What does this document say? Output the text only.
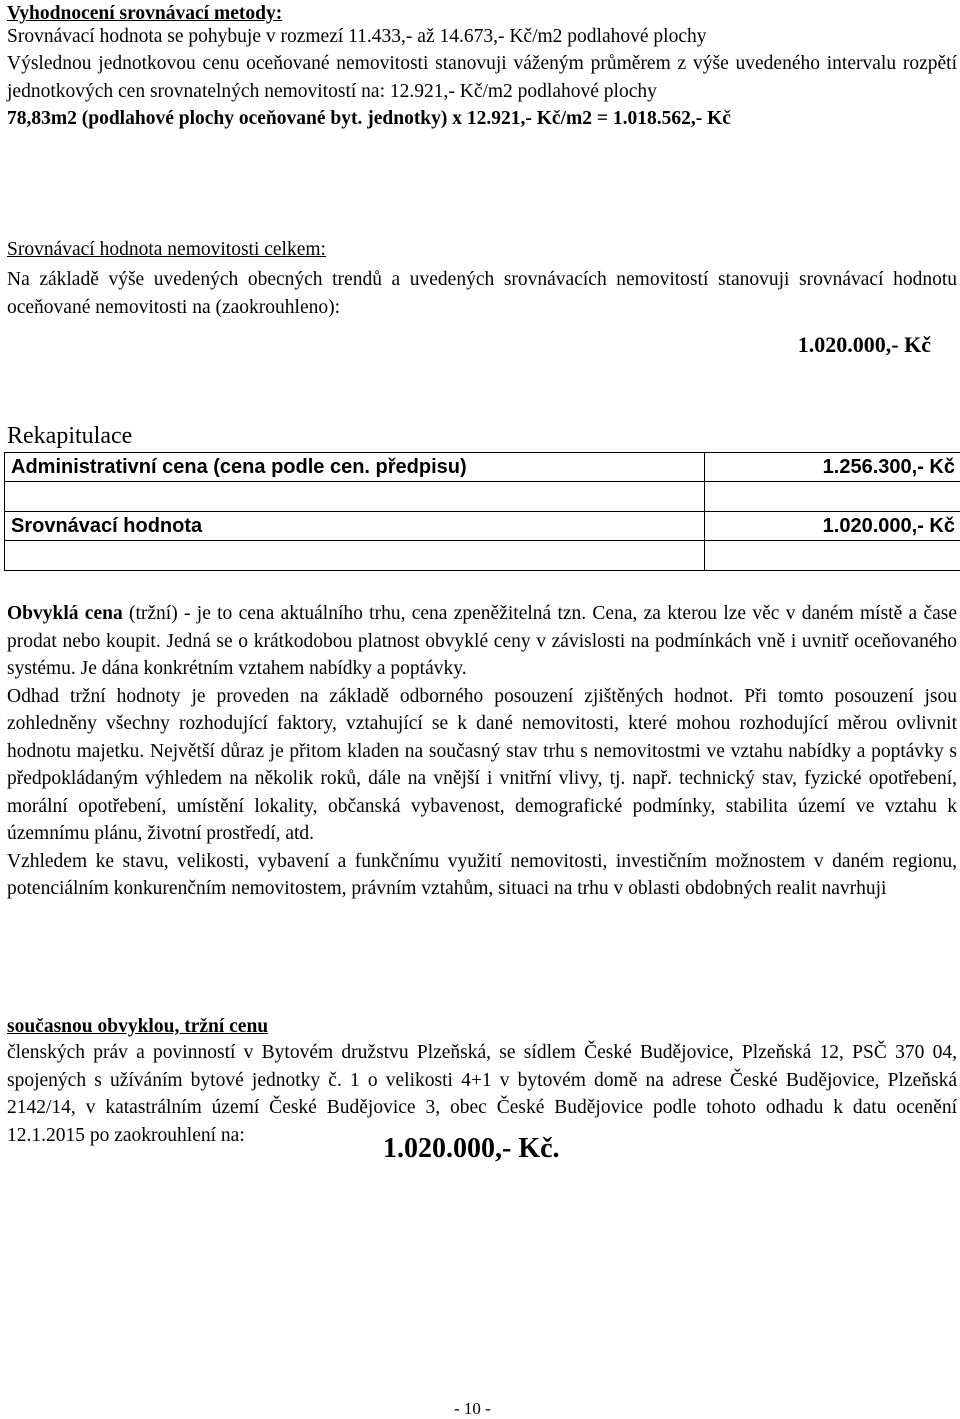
Vyhodnocení srovnávací metody:
Srovnávací hodnota se pohybuje v rozmezí 11.433,- až 14.673,- Kč/m2 podlahové plochy
Výslednou jednotkovou cenu oceňované nemovitosti stanovuji váženým průměrem z výše uvedeného intervalu rozpětí jednotkových cen srovnatelných nemovitostí na: 12.921,- Kč/m2 podlahové plochy
78,83m2 (podlahové plochy oceňované byt. jednotky) x 12.921,- Kč/m2 = 1.018.562,- Kč
Srovnávací hodnota nemovitosti celkem:
Na základě výše uvedených obecných trendů a uvedených srovnávacích nemovitostí stanovuji srovnávací hodnotu oceňované nemovitosti na (zaokrouhleno):
1.020.000,- Kč
Rekapitulace
Administrativní cena (cena podle cen. předpisu)	1.256.300,- Kč

Srovnávací hodnota	1.020.000,- Kč

Obvyklá cena (tržní) - je to cena aktuálního trhu, cena zpeněžitelná tzn. Cena, za kterou lze věc v daném místě a čase prodat nebo koupit. Jedná se o krátkodobou platnost obvyklé ceny v závislosti na podmínkách vně i uvnitř oceňovaného systému. Je dána konkrétním vztahem nabídky a poptávky.

Odhad tržní hodnoty je proveden na základě odborného posouzení zjištěných hodnot. Při tomto posouzení jsou zohledněny všechny rozhodující faktory, vztahující se k dané nemovitosti, které mohou rozhodující měrou ovlivnit hodnotu majetku. Největší důraz je přitom kladen na současný stav trhu s nemovitostmi ve vztahu nabídky a poptávky s předpokládaným výhledem na několik roků, dále na vnější i vnitřní vlivy, tj. např. technický stav, fyzické opotřebení, morální opotřebení, umístění lokality, občanská vybavenost, demografické podmínky, stabilita území ve vztahu k územnímu plánu, životní prostředí, atd.

Vzhledem ke stavu, velikosti, vybavení a funkčnímu využití nemovitosti, investičním možnostem v daném regionu, potenciálním konkurenčním nemovitostem, právním vztahům, situaci na trhu v oblasti obdobných realit navrhuji

současnou obvyklou, tržní cenu
členských práv a povinností v Bytovém družstvu Plzeňská, se sídlem České Budějovice, Plzeňská 12, PSČ 370 04, spojených s užíváním bytové jednotky č. 1 o velikosti 4+1 v bytovém domě na adrese České Budějovice, Plzeňská 2142/14, v katastrálním území České Budějovice 3, obec České Budějovice podle tohoto odhadu k datu ocenění 12.1.2015 po zaokrouhlení na:	1.020.000,- Kč.
- 10 -
